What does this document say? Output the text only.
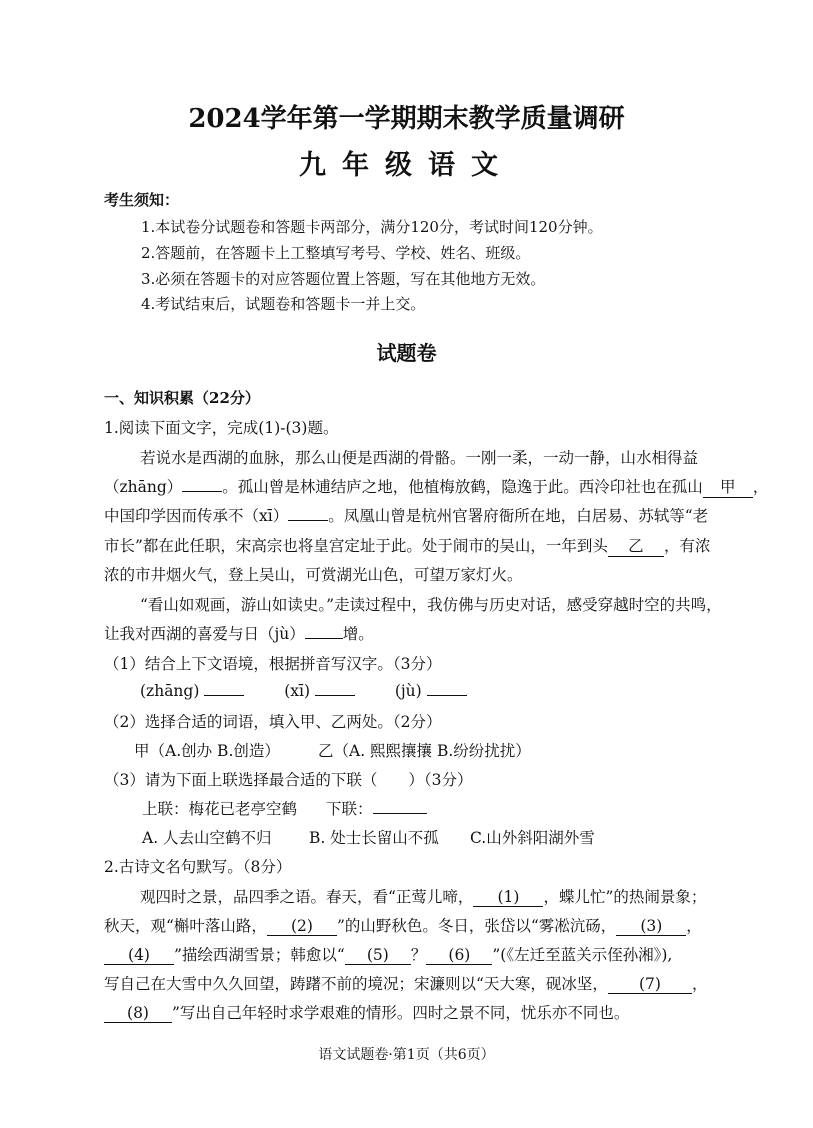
2024学年第一学期期末教学质量调研
九年级语文
考生须知：
1.本试卷分试题卷和答题卡两部分，满分120分，考试时间120分钟。
2.答题前，在答题卡上工整填写考号、学校、姓名、班级。
3.必须在答题卡的对应答题位置上答题，写在其他地方无效。
4.考试结束后，试题卷和答题卡一并上交。
试题卷
一、知识积累（22分）
1.阅读下面文字，完成(1)-(3)题。
若说水是西湖的血脉，那么山便是西湖的骨骼。一刚一柔，一动一静，山水相得益
（zhāng）	。孤山曾是林逋结庐之地，他植梅放鹤，隐逸于此。西泠印社也在孤山 甲 ，
中国印学因而传承不（xī）	。凤凰山曾是杭州官署府衙所在地，白居易、苏轼等“老
市长”都在此任职，宋高宗也将皇宫定址于此。处于闹市的吴山，一年到头 乙 ，有浓
浓的市井烟火气，登上吴山，可赏湖光山色，可望万家灯火。
“看山如观画，游山如读史。”走读过程中，我仿佛与历史对话，感受穿越时空的共鸣，
让我对西湖的喜爱与日（jù） 增。
（1）结合上下文语境，根据拼音写汉字。（3分）
(zhāng)	(xī)	(jù)
（2）选择合适的词语，填入甲、乙两处。（2分）
甲（A.创办 B.创造） 乙（A. 熙熙攘攘 B.纷纷扰扰）
（3）请为下面上联选择最合适的下联（　　）（3分）
上联：梅花已老亭空鹤 下联：
A. 人去山空鹤不归 B. 处士长留山不孤 C.山外斜阳湖外雪
2.古诗文名句默写。（8分）
观四时之景，品四季之语。春天，看“正莺儿啼， (1) ，蝶儿忙”的热闹景象；
秋天，观“槲叶落山路， (2) ”的山野秋色。冬日，张岱以“雾凇沆砀， (3) ，
(4) ”描绘西湖雪景；韩愈以“ (5) ？ (6) ”(《左迁至蓝关示侄孙湘》),
写自己在大雪中久久回望，踌躇不前的境况；宋濂则以“天大寒，砚冰坚， (7) ，
(8) ”写出自己年轻时求学艰难的情形。四时之景不同，忧乐亦不同也。
语文试题卷·第1页（共6页）
